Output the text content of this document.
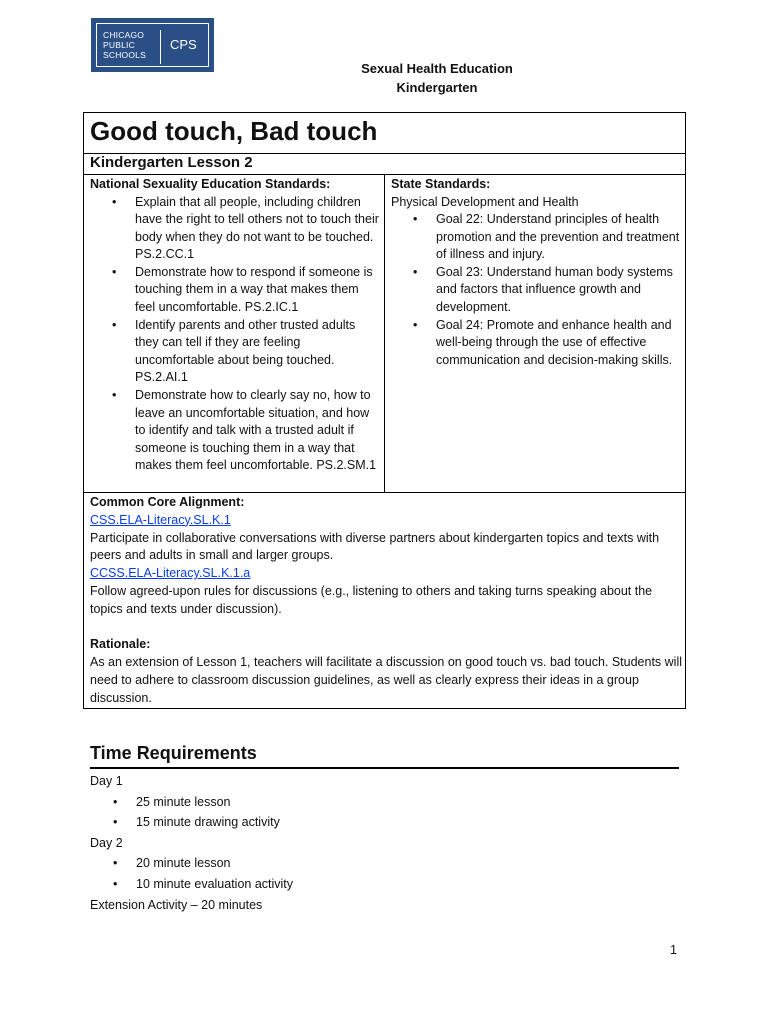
CHICAGO
PUBLIC
SCHOOLS
CPS
Sexual Health Education
Kindergarten
Good touch, Bad touch
Kindergarten Lesson 2
National Sexuality Education Standards:
• Explain that all people, including children have the right to tell others not to touch their body when they do not want to be touched. PS.2.CC.1
• Demonstrate how to respond if someone is touching them in a way that makes them feel uncomfortable. PS.2.IC.1
• Identify parents and other trusted adults they can tell if they are feeling uncomfortable about being touched. PS.2.AI.1
• Demonstrate how to clearly say no, how to leave an uncomfortable situation, and how to identify and talk with a trusted adult if someone is touching them in a way that makes them feel uncomfortable. PS.2.SM.1
State Standards:
Physical Development and Health
• Goal 22: Understand principles of health promotion and the prevention and treatment of illness and injury.
• Goal 23: Understand human body systems and factors that influence growth and development.
• Goal 24: Promote and enhance health and well-being through the use of effective communication and decision-making skills.
Common Core Alignment:
CSS.ELA-Literacy.SL.K.1
Participate in collaborative conversations with diverse partners about kindergarten topics and texts with peers and adults in small and larger groups.
CCSS.ELA-Literacy.SL.K.1.a
Follow agreed-upon rules for discussions (e.g., listening to others and taking turns speaking about the topics and texts under discussion).
Rationale:
As an extension of Lesson 1, teachers will facilitate a discussion on good touch vs. bad touch. Students will need to adhere to classroom discussion guidelines, as well as clearly express their ideas in a group discussion.
Time Requirements
Day 1
• 25 minute lesson
• 15 minute drawing activity
Day 2
• 20 minute lesson
• 10 minute evaluation activity
Extension Activity – 20 minutes
1
